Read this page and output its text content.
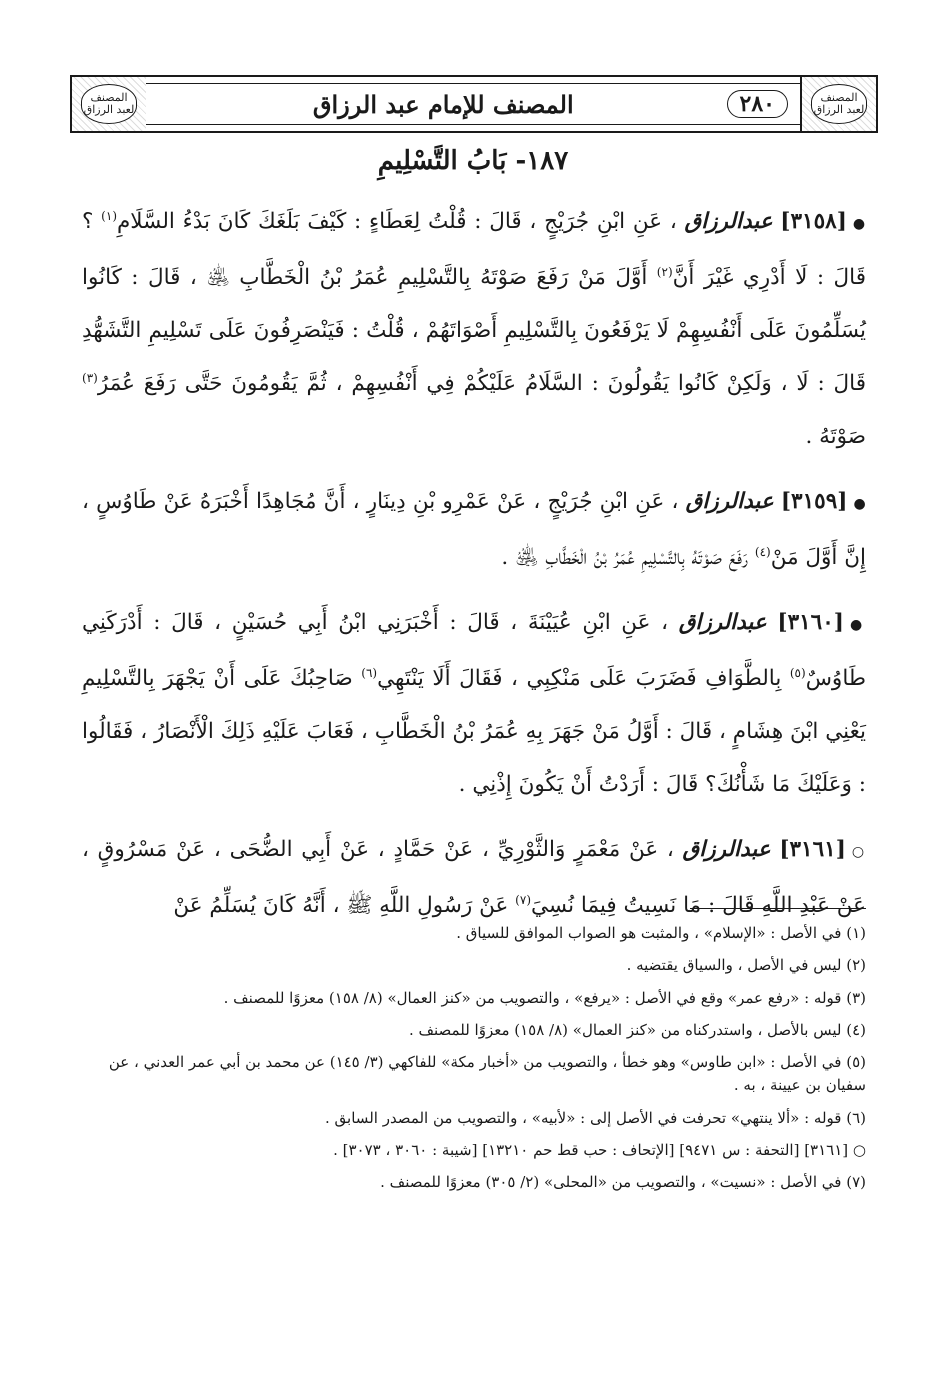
المصنف لعبد الرزاق	المصنف للإمام عبد الرزاق	٢٨٠	المصنف لعبد الرزاق
١٨٧- بَابُ التَّسْلِيمِ
●[٣١٥٨] عبدالرزاق ، عَنِ ابْنِ جُرَيْجٍ ، قَالَ : قُلْتُ لِعَطَاءٍ : كَيْفَ بَلَغَكَ كَانَ بَدْءُ السَّلَامِ$^{(١)}$ ؟ قَالَ : لَا أَدْرِي غَيْرَ أَنَّ$^{(٢)}$ أَوَّلَ مَنْ رَفَعَ صَوْتَهُ بِالتَّسْلِيمِ عُمَرُ بْنُ الْخَطَّابِ ﵁ ، قَالَ : كَانُوا يُسَلِّمُونَ عَلَى أَنْفُسِهِمْ لَا يَرْفَعُونَ بِالتَّسْلِيمِ أَصْوَاتَهُمْ ، قُلْتُ : فَيَنْصَرِفُونَ عَلَى تَسْلِيمِ التَّشَهُّدِ قَالَ : لَا ، وَلَكِنْ كَانُوا يَقُولُونَ : السَّلَامُ عَلَيْكُمْ فِي أَنْفُسِهِمْ ، ثُمَّ يَقُومُونَ حَتَّى رَفَعَ عُمَرُ$^{(٣)}$ صَوْتَهُ .
●[٣١٥٩] عبدالرزاق ، عَنِ ابْنِ جُرَيْجٍ ، عَنْ عَمْرِو بْنِ دِينَارٍ ، أَنَّ مُجَاهِدًا أَخْبَرَهُ عَنْ طَاوُسٍ ، إِنَّ أَوَّلَ مَنْ$^{(٤)}$ رَفَعَ صَوْتَهُ بِالتَّسْلِيمِ عُمَرُ بْنُ الْخَطَّابِ ﵁ .
●[٣١٦٠] عبدالرزاق ، عَنِ ابْنِ عُيَيْنَةَ ، قَالَ : أَخْبَرَنِي ابْنُ أَبِي حُسَيْنٍ ، قَالَ : أَدْرَكَنِي طَاوُسٌ$^{(٥)}$ بِالطَّوَافِ فَضَرَبَ عَلَى مَنْكِبِي ، فَقَالَ أَلَا يَنْتَهِي$^{(٦)}$ صَاحِبُكَ عَلَى أَنْ يَجْهَرَ بِالتَّسْلِيمِ يَعْنِي ابْنَ هِشَامٍ ، قَالَ : أَوَّلُ مَنْ جَهَرَ بِهِ عُمَرُ بْنُ الْخَطَّابِ ، فَعَابَ عَلَيْهِ ذَلِكَ الْأَنْصَارُ ، فَقَالُوا : وَعَلَيْكَ مَا شَأْنُكَ؟ قَالَ : أَرَدْتُ أَنْ يَكُونَ إِذْنِي .
○[٣١٦١] عبدالرزاق ، عَنْ مَعْمَرٍ وَالثَّوْرِيِّ ، عَنْ حَمَّادٍ ، عَنْ أَبِي الضُّحَى ، عَنْ مَسْرُوقٍ ، عَنْ عَبْدِ اللَّهِ قَالَ : مَا نَسِيتُ فِيمَا نُسِيَ$^{(٧)}$ عَنْ رَسُولِ اللَّهِ ﷺ ، أَنَّهُ كَانَ يُسَلِّمُ عَنْ
(١) في الأصل : «الإسلام» ، والمثبت هو الصواب الموافق للسياق .
(٢) ليس في الأصل ، والسياق يقتضيه .
(٣) قوله : «رفع عمر» وقع في الأصل : «يرفع» ، والتصويب من «كنز العمال» (٨/ ١٥٨) معزوًا للمصنف .
(٤) ليس بالأصل ، واستدركناه من «كنز العمال» (٨/ ١٥٨) معزوًا للمصنف .
(٥) في الأصل : «ابن طاوس» وهو خطأ ، والتصويب من «أخبار مكة» للفاكهي (٣/ ١٤٥) عن محمد بن أبي عمر العدني ، عن سفيان بن عيينة ، به .
(٦) قوله : «ألا ينتهي» تحرفت في الأصل إلى : «لأبيه» ، والتصويب من المصدر السابق .
○ [٣١٦١] [التحفة : س ٩٤٧١] [الإتحاف : حب قط حم ١٣٢١٠] [شيبة : ٣٠٦٠ ، ٣٠٧٣] .
(٧) في الأصل : «نسيت» ، والتصويب من «المحلى» (٢/ ٣٠٥) معزوًا للمصنف .
